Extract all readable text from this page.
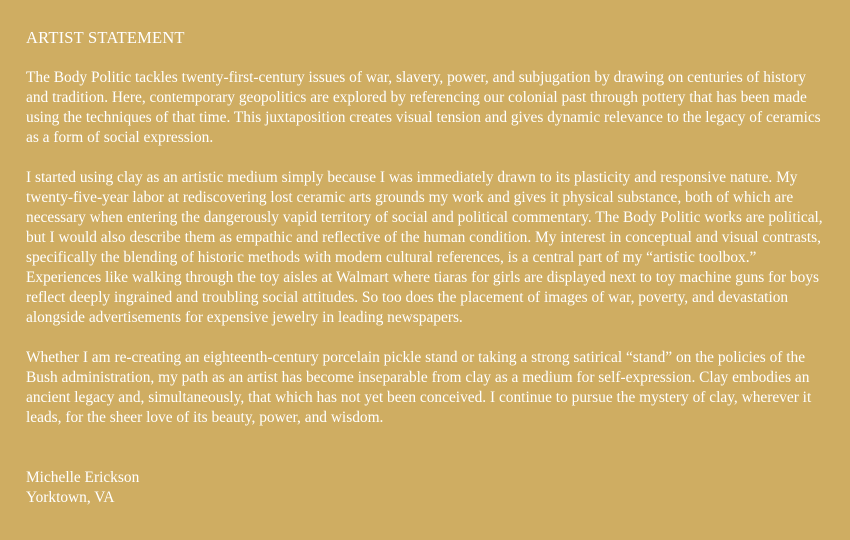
ARTIST STATEMENT

The Body Politic tackles twenty-first-century issues of war, slavery, power, and subjugation by drawing on centuries of history and tradition. Here, contemporary geopolitics are explored by referencing our colonial past through pottery that has been made using the techniques of that time. This juxtaposition creates visual tension and gives dynamic relevance to the legacy of ceramics as a form of social expression.

I started using clay as an artistic medium simply because I was immediately drawn to its plasticity and responsive nature. My twenty-five-year labor at rediscovering lost ceramic arts grounds my work and gives it physical substance, both of which are necessary when entering the dangerously vapid territory of social and political commentary. The Body Politic works are political, but I would also describe them as empathic and reflective of the human condition. My interest in conceptual and visual contrasts, specifically the blending of historic methods with modern cultural references, is a central part of my “artistic toolbox.” Experiences like walking through the toy aisles at Walmart where tiaras for girls are displayed next to toy machine guns for boys reflect deeply ingrained and troubling social attitudes. So too does the placement of images of war, poverty, and devastation alongside advertisements for expensive jewelry in leading newspapers.

Whether I am re-creating an eighteenth-century porcelain pickle stand or taking a strong satirical “stand” on the policies of the Bush administration, my path as an artist has become inseparable from clay as a medium for self-expression. Clay embodies an ancient legacy and, simultaneously, that which has not yet been conceived. I continue to pursue the mystery of clay, wherever it leads, for the sheer love of its beauty, power, and wisdom.

Michelle Erickson
Yorktown, VA
